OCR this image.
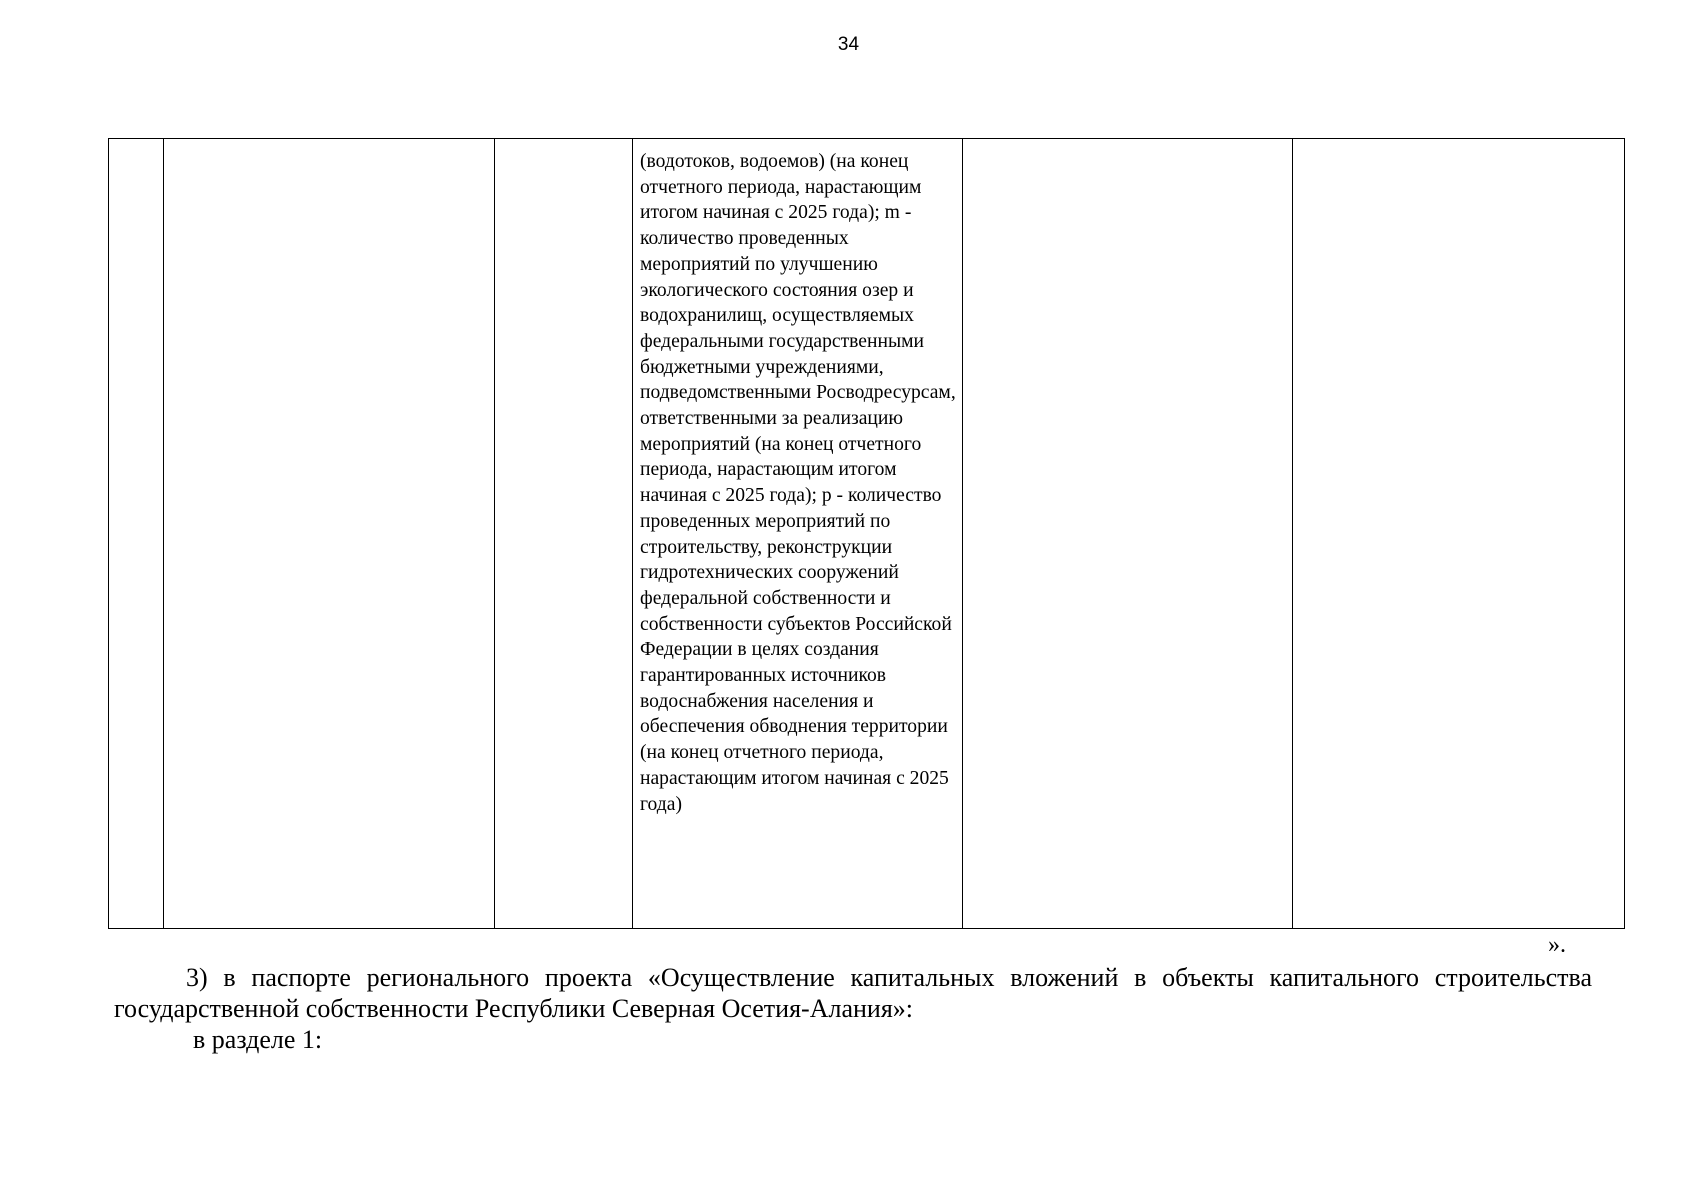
34
			(водотоков, водоемов) (на конец отчетного периода, нарастающим итогом начиная с 2025 года); m - количество проведенных мероприятий по улучшению экологического состояния озер и водохранилищ, осуществляемых федеральными государственными бюджетными учреждениями, подведомственными Росводресурсам, ответственными за реализацию мероприятий (на конец отчетного периода, нарастающим итогом начиная с 2025 года); p - количество проведенных мероприятий по строительству, реконструкции гидротехнических сооружений федеральной собственности и собственности субъектов Российской Федерации в целях создания гарантированных источников водоснабжения населения и обеспечения обводнения территории (на конец отчетного периода, нарастающим итогом начиная с 2025 года)		
».
3) в паспорте регионального проекта «Осуществление капитальных вложений в объекты капитального строительства государственной собственности Республики Северная Осетия-Алания»:
в разделе 1:
